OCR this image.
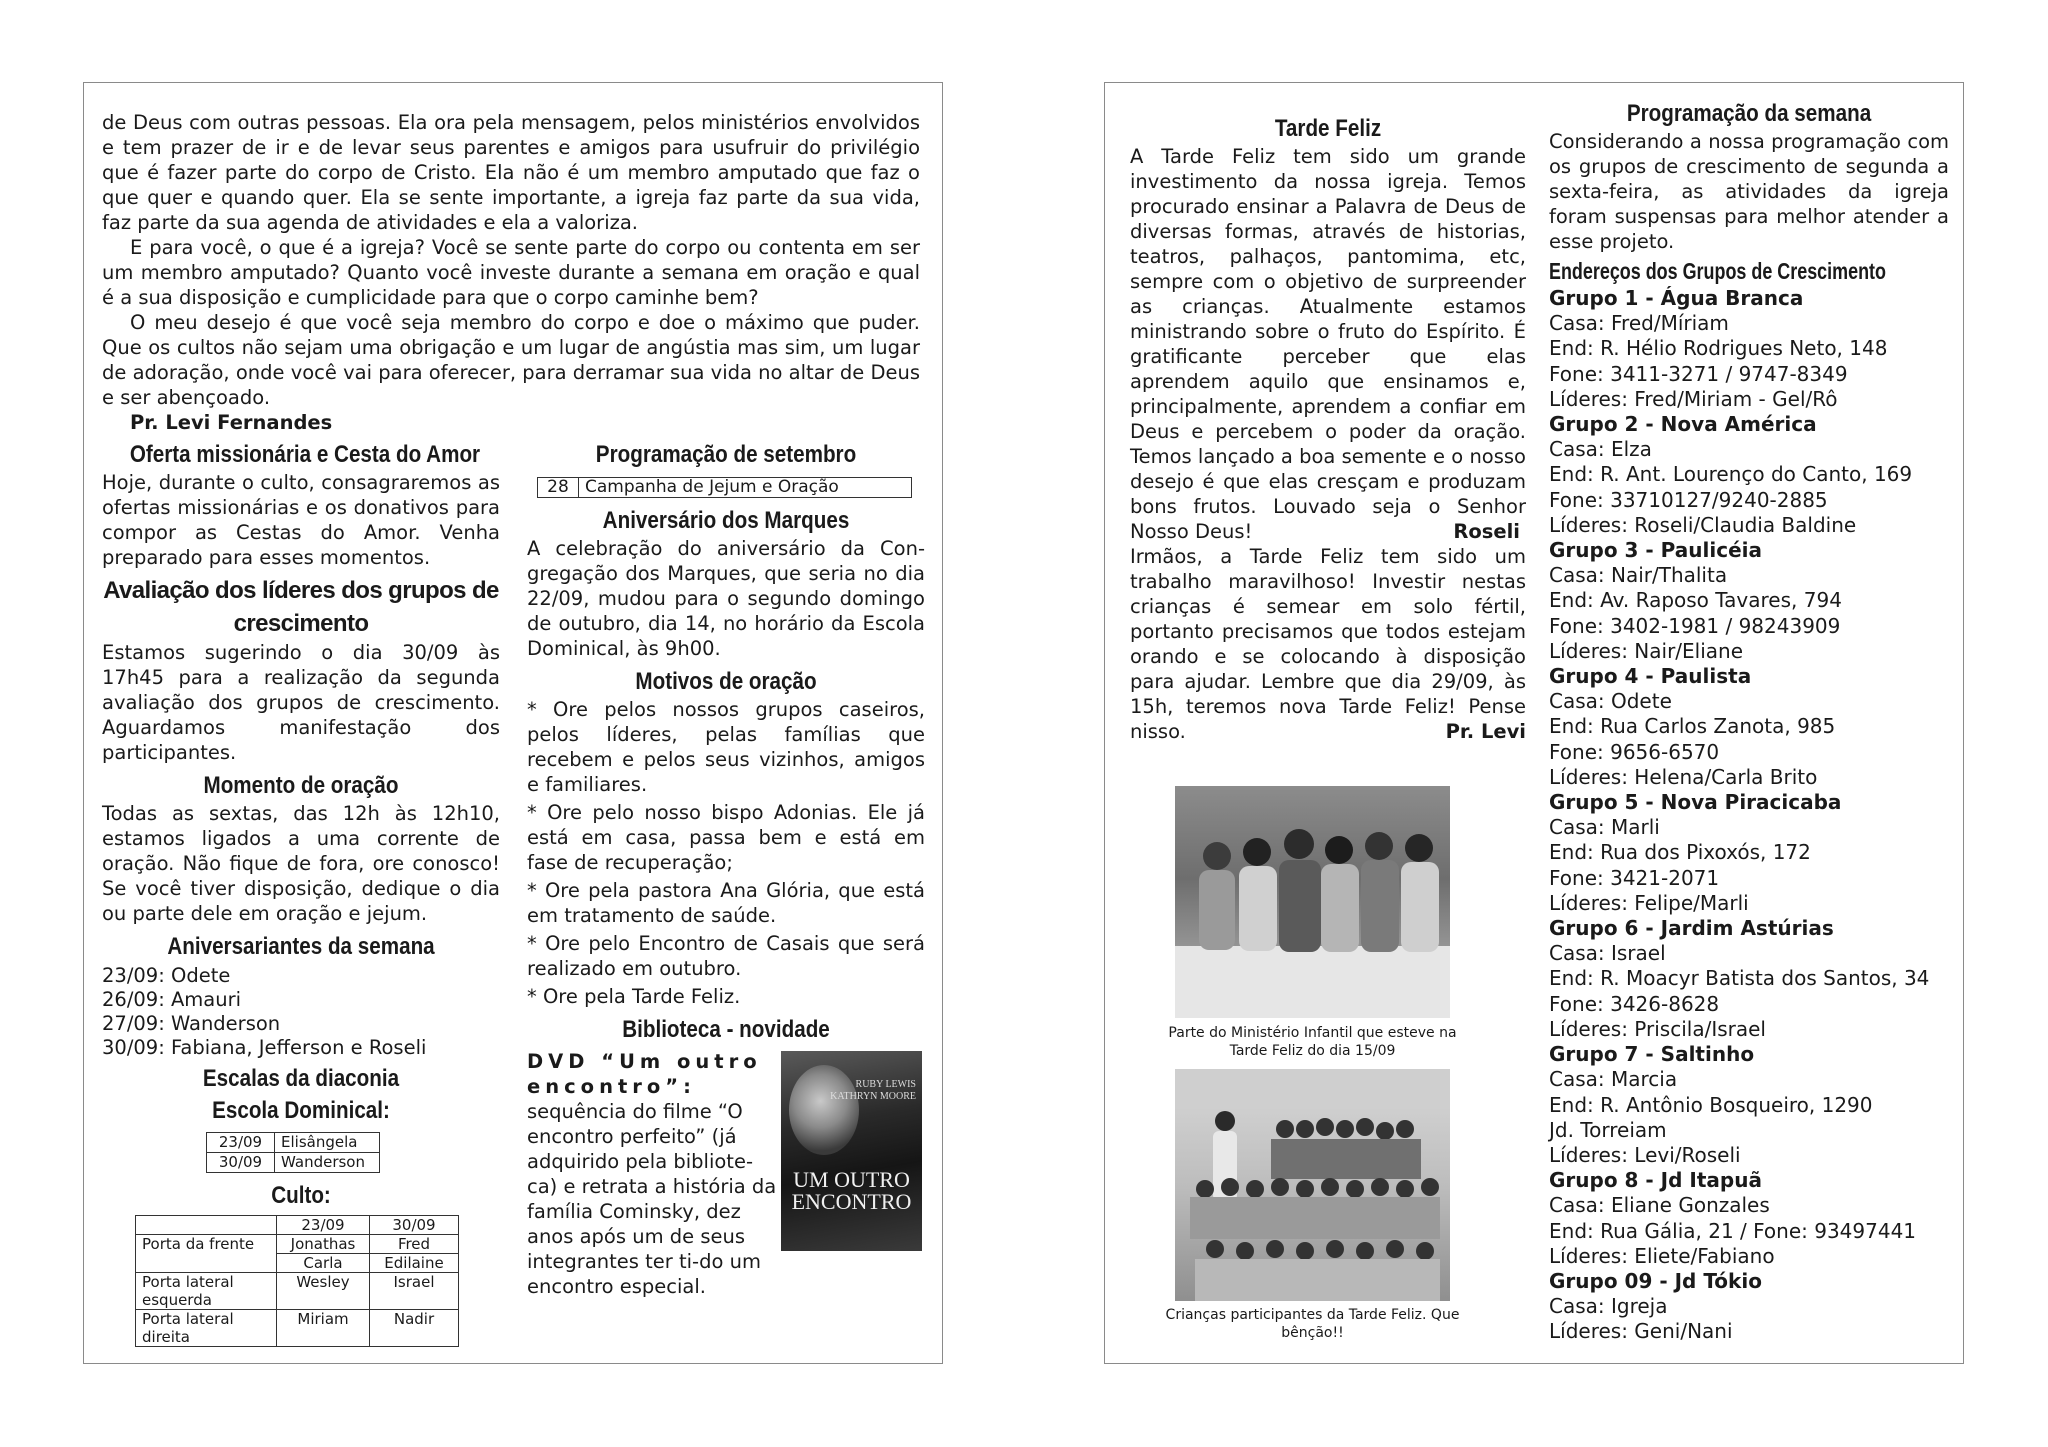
de Deus com outras pessoas. Ela ora pela mensagem, pelos ministérios envolvidos e tem prazer de ir e de levar seus parentes e amigos para usufruir do privilégio que é fazer parte do corpo de Cristo. Ela não é um membro amputado que faz o que quer e quando quer. Ela se sente importante, a igreja faz parte da sua vida, faz parte da sua agenda de atividades e ela a valoriza.

E para você, o que é a igreja? Você se sente parte do corpo ou contenta em ser um membro amputado? Quanto você investe durante a semana em oração e qual é a sua disposição e cumplicidade para que o corpo caminhe bem?

O meu desejo é que você seja membro do corpo e doe o máximo que puder. Que os cultos não sejam uma obrigação e um lugar de angústia mas sim, um lugar de adoração, onde você vai para oferecer, para derramar sua vida no altar de Deus e ser abençoado.

Pr. Levi Fernandes

Oferta missionária e Cesta do Amor

Hoje, durante o culto, consagraremos as ofertas missionárias e os donativos para compor as Cestas do Amor. Venha preparado para esses momentos.

Avaliação dos líderes dos grupos de crescimento

Estamos sugerindo o dia 30/09 às 17h45 para a realização da segunda avaliação dos grupos de crescimento. Aguardamos manifestação dos participantes.

Momento de oração

Todas as sextas, das 12h às 12h10, estamos ligados a uma corrente de oração. Não fique de fora, ore conosco! Se você tiver disposição, dedique o dia ou parte dele em oração e jejum.

Aniversariantes da semana
23/09: Odete
26/09: Amauri
27/09: Wanderson
30/09: Fabiana, Jefferson e Roseli
Escalas da diaconia
Escola Dominical:
23/09	Elisângela
30/09	Wanderson
Culto:
	23/09	30/09
Porta da frente	Jonathas	Fred
	Carla	Edilaine
Porta lateral esquerda	Wesley	Israel
Porta lateral direita	Miriam	Nadir
Programação de setembro
28	Campanha de Jejum e Oração
Aniversário dos Marques

A celebração do aniversário da Con-gregação dos Marques, que seria no dia 22/09, mudou para o segundo domingo de outubro, dia 14, no horário da Escola Dominical, às 9h00.

Motivos de oração

* Ore pelos nossos grupos caseiros, pelos líderes, pelas famílias que recebem e pelos seus vizinhos, amigos e familiares.

* Ore pelo nosso bispo Adonias. Ele já está em casa, passa bem e está em fase de recuperação;

* Ore pela pastora Ana Glória, que está em tratamento de saúde.

* Ore pelo Encontro de Casais que será realizado em outubro.

* Ore pela Tarde Feliz.

Biblioteca - novidade

DVD “Um outro encontro”:

sequência do filme “O encontro perfeito” (já adquirido pela bibliote-ca) e retrata a história da família Cominsky, dez anos após um de seus integrantes ter ti-do um encontro especial.

RUBY LEWIS
KATHRYN MOORE
UM OUTRO
ENCONTRO
Tarde Feliz

A Tarde Feliz tem sido um grande investimento da nossa igreja. Temos procurado ensinar a Palavra de Deus de diversas formas, através de historias, teatros, palhaços, pantomima, etc, sempre com o objetivo de surpreender as crianças. Atualmente estamos ministrando sobre o fruto do Espírito. É gratificante perceber que elas aprendem aquilo que ensinamos e, principalmente, aprendem a confiar em Deus e percebem o poder da oração. Temos lançado a boa semente e o nosso desejo é que elas cresçam e produzam bons frutos. Louvado seja o Senhor Nosso Deus!	Roseli

Irmãos, a Tarde Feliz tem sido um trabalho maravilhoso! Investir nestas crianças é semear em solo fértil, portanto precisamos que todos estejam orando e se colocando à disposição para ajudar. Lembre que dia 29/09, às 15h, teremos nova Tarde Feliz! Pense nisso.	Pr. Levi

Parte do Ministério Infantil que esteve na Tarde Feliz do dia 15/09

Crianças participantes da Tarde Feliz. Que bênção!!

Programação da semana

Considerando a nossa programação com os grupos de crescimento de segunda a sexta-feira, as atividades da igreja foram suspensas para melhor atender a esse projeto.

Endereços dos Grupos de Crescimento
Grupo 1 - Água Branca
Casa: Fred/Míriam
End: R. Hélio Rodrigues Neto, 148
Fone: 3411-3271 / 9747-8349
Líderes: Fred/Miriam - Gel/Rô
Grupo 2 - Nova América
Casa: Elza
End: R. Ant. Lourenço do Canto, 169
Fone: 33710127/9240-2885
Líderes: Roseli/Claudia Baldine
Grupo 3 - Paulicéia
Casa: Nair/Thalita
End: Av. Raposo Tavares, 794
Fone: 3402-1981 / 98243909
Líderes: Nair/Eliane
Grupo 4 - Paulista
Casa: Odete
End: Rua Carlos Zanota, 985
Fone: 9656-6570
Líderes: Helena/Carla Brito
Grupo 5 - Nova Piracicaba
Casa: Marli
End: Rua dos Pixoxós, 172
Fone: 3421-2071
Líderes: Felipe/Marli
Grupo 6 - Jardim Astúrias
Casa: Israel
End: R. Moacyr Batista dos Santos, 34
Fone: 3426-8628
Líderes: Priscila/Israel
Grupo 7 - Saltinho
Casa: Marcia
End: R. Antônio Bosqueiro, 1290
Jd. Torreiam
Líderes: Levi/Roseli
Grupo 8 - Jd Itapuã
Casa: Eliane Gonzales
End: Rua Gália, 21 / Fone: 93497441
Líderes: Eliete/Fabiano
Grupo 09 - Jd Tókio
Casa: Igreja
Líderes: Geni/Nani
